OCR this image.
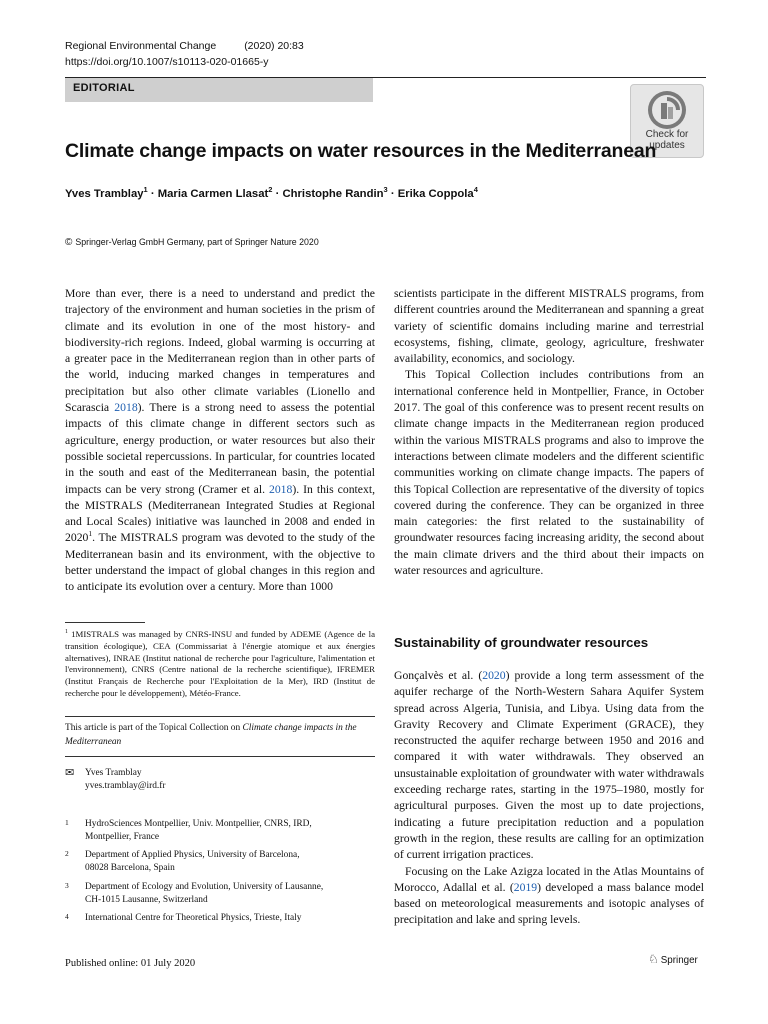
Regional Environmental Change	(2020) 20:83
https://doi.org/10.1007/s10113-020-01665-y
EDITORIAL
Check for updates
Climate change impacts on water resources in the Mediterranean
Yves Tramblay$^1$ · Maria Carmen Llasat$^2$ · Christophe Randin$^3$ · Erika Coppola$^4$
© Springer-Verlag GmbH Germany, part of Springer Nature 2020

More than ever, there is a need to understand and predict the trajectory of the environment and human societies in the prism of climate and its evolution in one of the most history- and biodiversity-rich regions. Indeed, global warming is occurring at a greater pace in the Mediterranean region than in other parts of the world, inducing marked changes in temperatures and precipitation but also other climate variables (Lionello and Scarascia 2018). There is a strong need to assess the potential impacts of this climate change in different sectors such as agriculture, energy production, or water resources but also their possible societal repercussions. In particular, for countries located in the south and east of the Mediterranean basin, the potential impacts can be very strong (Cramer et al. 2018). In this context, the MISTRALS (Mediterranean Integrated Studies at Regional and Local Scales) initiative was launched in 2008 and ended in 2020$^1$. The MISTRALS program was devoted to the study of the Mediterranean basin and its environment, with the objective to better understand the impact of global changes in this region and to anticipate its evolution over a century. More than 1000

$^1$ 1MISTRALS was managed by CNRS-INSU and funded by ADEME (Agence de la transition écologique), CEA (Commissariat à l'énergie atomique et aux énergies alternatives), INRAE (Institut national de recherche pour l'agriculture, l'alimentation et l'environnement), CNRS (Centre national de la recherche scientifique), IFREMER (Institut Français de Recherche pour l'Exploitation de la Mer), IRD (Institut de recherche pour le développement), Météo-France.
This article is part of the Topical Collection on Climate change impacts in the Mediterranean
✉ Yves Tramblay
yves.tramblay@ird.fr
1 HydroSciences Montpellier, Univ. Montpellier, CNRS, IRD,
Montpellier, France
2 Department of Applied Physics, University of Barcelona,
08028 Barcelona, Spain
3 Department of Ecology and Evolution, University of Lausanne,
CH-1015 Lausanne, Switzerland
4 International Centre for Theoretical Physics, Trieste, Italy

scientists participate in the different MISTRALS programs, from different countries around the Mediterranean and spanning a great variety of scientific domains including marine and terrestrial ecosystems, fishing, climate, geology, agriculture, freshwater availability, economics, and sociology.

This Topical Collection includes contributions from an international conference held in Montpellier, France, in October 2017. The goal of this conference was to present recent results on climate change impacts in the Mediterranean region produced within the various MISTRALS programs and also to improve the interactions between climate modelers and the different scientific communities working on climate change impacts. The papers of this Topical Collection are representative of the diversity of topics covered during the conference. They can be organized in three main categories: the first related to the sustainability of groundwater resources facing increasing aridity, the second about the main climate drivers and the third about their impacts on water resources and agriculture.

Sustainability of groundwater resources

Gonçalvès et al. (2020) provide a long term assessment of the aquifer recharge of the North-Western Sahara Aquifer System spread across Algeria, Tunisia, and Libya. Using data from the Gravity Recovery and Climate Experiment (GRACE), they reconstructed the aquifer recharge between 1950 and 2016 and compared it with water withdrawals. They observed an unsustainable exploitation of groundwater with water withdrawals exceeding recharge rates, starting in the 1975–1980, mostly for agricultural purposes. Given the most up to date projections, indicating a future precipitation reduction and a population growth in the region, these results are calling for an optimization of current irrigation practices.

Focusing on the Lake Azigza located in the Atlas Mountains of Morocco, Adallal et al. (2019) developed a mass balance model based on meteorological measurements and isotopic analyses of precipitation and lake and spring levels.

Published online: 01 July 2020	♘ Springer
